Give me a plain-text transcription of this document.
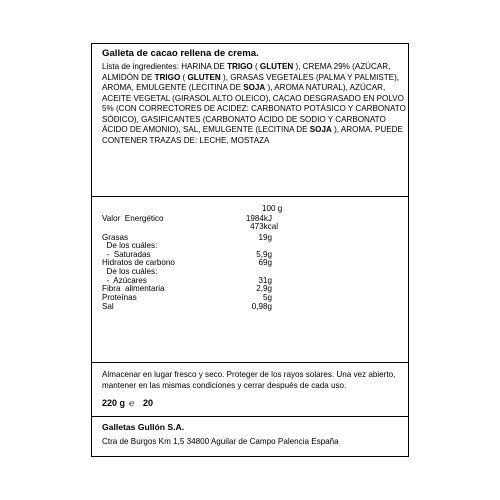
Galleta de cacao rellena de crema.
Lista de ingredientes: HARINA DE TRIGO ( GLUTEN ), CREMA 29% (AZÚCAR, ALMIDÓN DE TRIGO ( GLUTEN ), GRASAS VEGETALES (PALMA Y PALMISTE), AROMA, EMULGENTE (LECITINA DE SOJA ), AROMA NATURAL), AZÚCAR, ACEITE VEGETAL (GIRASOL ALTO OLEICO), CACAO DESGRASADO EN POLVO 5% (CON CORRECTORES DE ACIDEZ: CARBONATO POTÁSICO Y CARBONATO SÓDICO), GASIFICANTES (CARBONATO ÁCIDO DE SODIO Y CARBONATO ÁCIDO DE AMONIO), SAL, EMULGENTE (LECITINA DE SOJA ), AROMA. PUEDE CONTENER TRAZAS DE: LECHE, MOSTAZA
100 g
Valor  Energético	1984kJ
473kcal
Grasas	19g
De los cuáles:
-  Saturadas	5,9g
Hidratos de carbono	69g
De los cuáles:
-  Azúcares	31g
Fibra  alimentaria	2,9g
Proteínas	5g
Sal	0,98g
Almacenar en lugar fresco y seco. Proteger de los rayos solares. Una vez abierto, mantener en las mismas condiciones y cerrar después de cada uso.
220 g ℮ 20
Galletas Gullón S.A.
Ctra de Burgos Km 1,5 34800 Aguilar de Campo Palencia España
